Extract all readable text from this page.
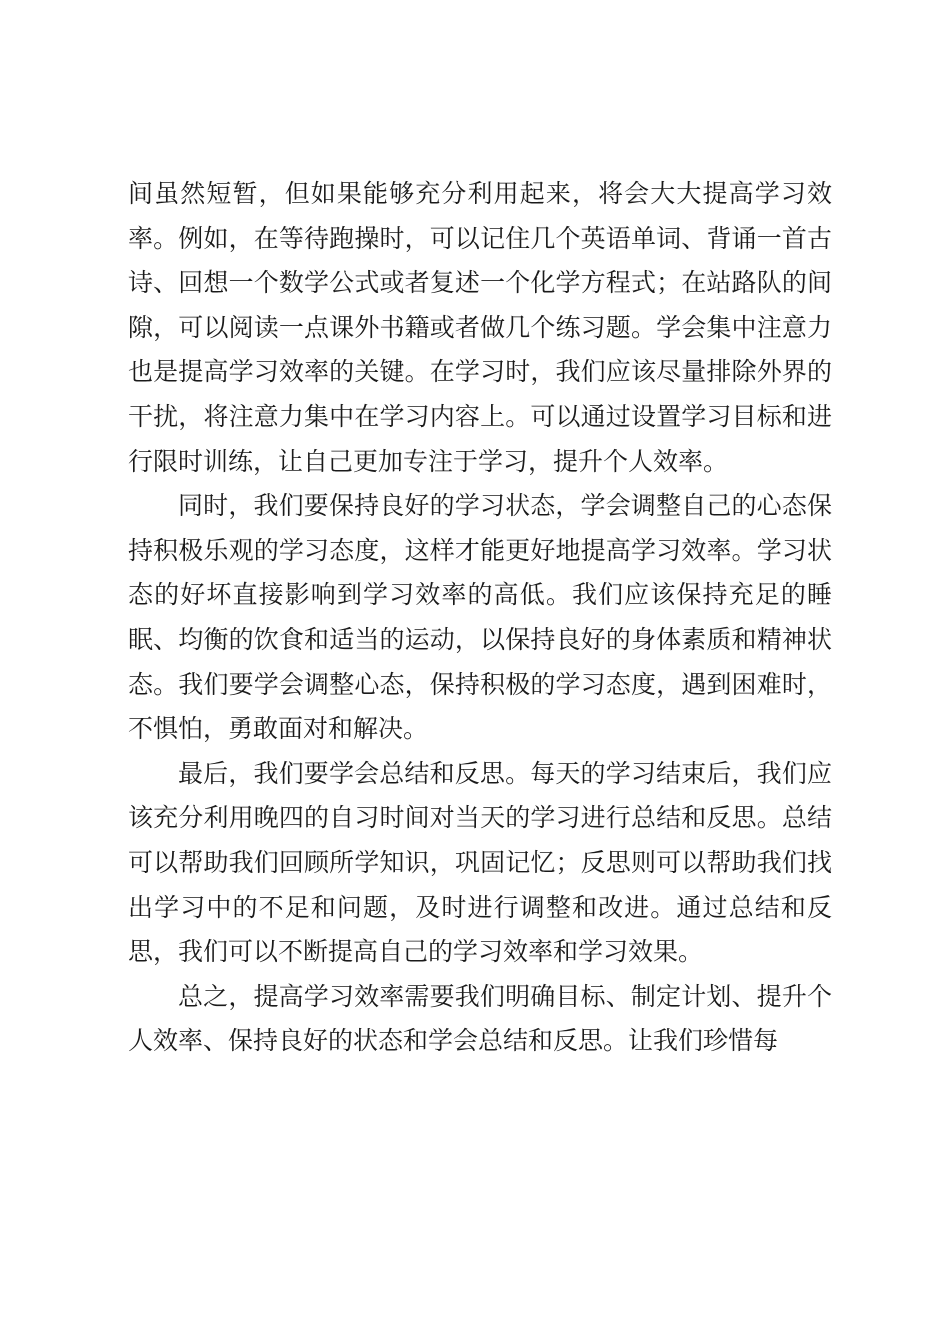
间虽然短暂，但如果能够充分利用起来，将会大大提高学习效率。例如，在等待跑操时，可以记住几个英语单词、背诵一首古诗、回想一个数学公式或者复述一个化学方程式；在站路队的间隙，可以阅读一点课外书籍或者做几个练习题。学会集中注意力也是提高学习效率的关键。在学习时，我们应该尽量排除外界的干扰，将注意力集中在学习内容上。可以通过设置学习目标和进行限时训练，让自己更加专注于学习，提升个人效率。

同时，我们要保持良好的学习状态，学会调整自己的心态保持积极乐观的学习态度，这样才能更好地提高学习效率。学习状态的好坏直接影响到学习效率的高低。我们应该保持充足的睡眠、均衡的饮食和适当的运动，以保持良好的身体素质和精神状态。我们要学会调整心态，保持积极的学习态度，遇到困难时，不惧怕，勇敢面对和解决。

最后，我们要学会总结和反思。每天的学习结束后，我们应该充分利用晚四的自习时间对当天的学习进行总结和反思。总结可以帮助我们回顾所学知识，巩固记忆；反思则可以帮助我们找出学习中的不足和问题，及时进行调整和改进。通过总结和反思，我们可以不断提高自己的学习效率和学习效果。

总之，提高学习效率需要我们明确目标、制定计划、提升个人效率、保持良好的状态和学会总结和反思。让我们珍惜每
